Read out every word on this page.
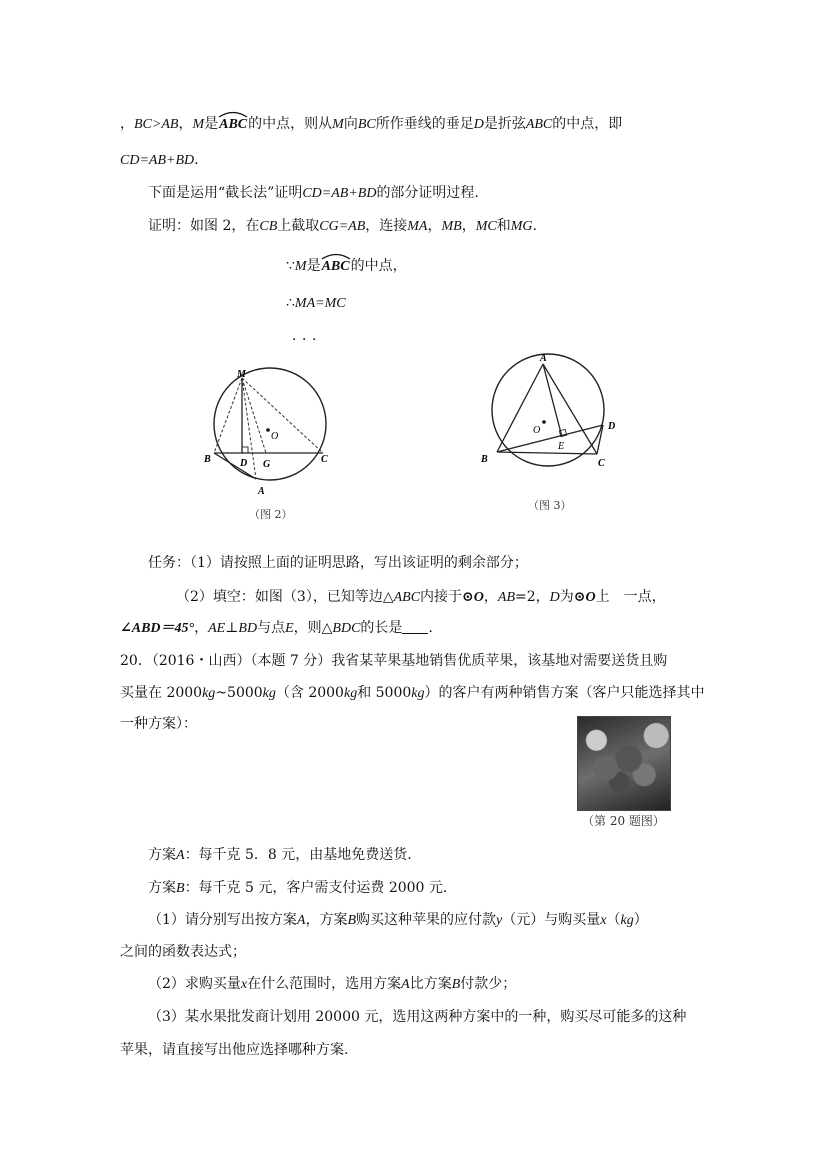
，BC>AB，M是
ABC的中点，则从M向BC所作垂线的垂足D是折弦ABC的中点，即
CD=AB+BD.
下面是运用“截长法”证明CD=AB+BD的部分证明过程.
证明：如图 2，在CB上截取CG=AB，连接MA，MB，MC和MG.
∵M是
ABC的中点，
∴MA=MC
．．．
M
O
B	D G	C
A
（图 2）
A
O
E
D
B	C
（图 3）
任务：（1）请按照上面的证明思路，写出该证明的剩余部分；
（2）填空：如图（3），已知等边△ABC内接于⊙O，AB=2，D为⊙O上　一点，
∠ABD＝45°，AE⊥BD与点E，则△BDC的长是 .
20．（2016・山西）（本题 7 分）我省某苹果基地销售优质苹果，该基地对需要送货且购
买量在 2000kg~5000kg（含 2000kg和 5000kg）的客户有两种销售方案（客户只能选择其中
一种方案）：
（第 20 题图）
方案A：每千克 5．8 元，由基地免费送货.
方案B：每千克 5 元，客户需支付运费 2000 元.
（1）请分别写出按方案A，方案B购买这种苹果的应付款y（元）与购买量x（kg）
之间的函数表达式；
（2）求购买量x在什么范围时，选用方案A比方案B付款少；
（3）某水果批发商计划用 20000 元，选用这两种方案中的一种，购买尽可能多的这种
苹果，请直接写出他应选择哪种方案.
